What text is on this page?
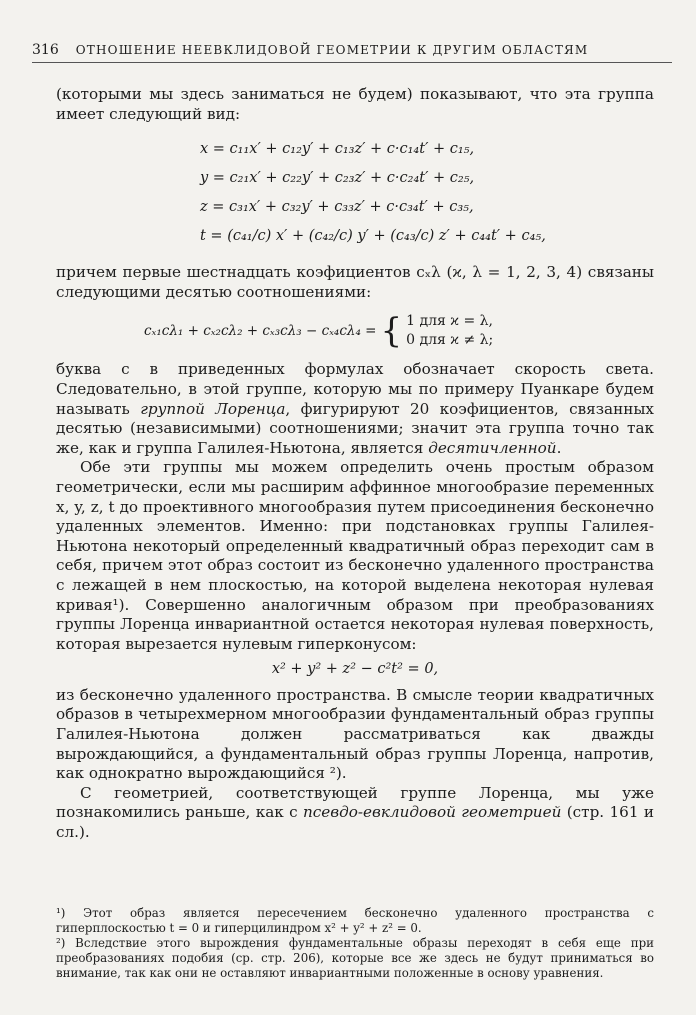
316 ОТНОШЕНИЕ НЕЕВКЛИДОВОЙ ГЕОМЕТРИИ К ДРУГИМ ОБЛАСТЯМ

(которыми мы здесь заниматься не будем) показывают, что эта группа имеет следующий вид:

x = c₁₁x′ + c₁₂y′ + c₁₃z′ + c·c₁₄t′ + c₁₅,
y = c₂₁x′ + c₂₂y′ + c₂₃z′ + c·c₂₄t′ + c₂₅,
z = c₃₁x′ + c₃₂y′ + c₃₃z′ + c·c₃₄t′ + c₃₅,
t = (c₄₁/c) x′ + (c₄₂/c) y′ + (c₄₃/c) z′ + c₄₄t′ + c₄₅,

причем первые шестнадцать коэфициентов cₓλ (ϰ, λ = 1, 2, 3, 4) связаны следующими десятью соотношениями:

cₓ₁cλ₁ + cₓ₂cλ₂ + cₓ₃cλ₃ − cₓ₄cλ₄ = { 1 для ϰ = λ,
0 для ϰ ≠ λ;

буква c в приведенных формулах обозначает скорость света. Следовательно, в этой группе, которую мы по примеру Пуанкаре будем называть группой Лоренца, фигурируют 20 коэфициентов, связанных десятью (независимыми) соотношениями; значит эта группа точно так же, как и группа Галилея-Ньютона, является десятичленной.

Обе эти группы мы можем определить очень простым образом геометрически, если мы расширим аффинное многообразие переменных x, y, z, t до проективного многообразия путем присоединения бесконечно удаленных элементов. Именно: при подстановках группы Галилея-Ньютона некоторый определенный квадратичный образ переходит сам в себя, причем этот образ состоит из бесконечно удаленного пространства с лежащей в нем плоскостью, на которой выделена некоторая нулевая кривая¹). Совершенно аналогичным образом при преобразованиях группы Лоренца инвариантной остается некоторая нулевая поверхность, которая вырезается нулевым гиперконусом:

x² + y² + z² − c²t² = 0,

из бесконечно удаленного пространства. В смысле теории квадратичных образов в четырехмерном многообразии фундаментальный образ группы Галилея-Ньютона должен рассматриваться как дважды вырождающийся, а фундаментальный образ группы Лоренца, напротив, как однократно вырождающийся ²).

С геометрией, соответствующей группе Лоренца, мы уже познакомились раньше, как с псевдо-евклидовой геометрией (стр. 161 и сл.).

¹) Этот образ является пересечением бесконечно удаленного пространства с гиперплоскостью t = 0 и гиперцилиндром x² + y² + z² = 0.

²) Вследствие этого вырождения фундаментальные образы переходят в себя еще при преобразованиях подобия (ср. стр. 206), которые все же здесь не будут приниматься во внимание, так как они не оставляют инвариантными положенные в основу уравнения.
